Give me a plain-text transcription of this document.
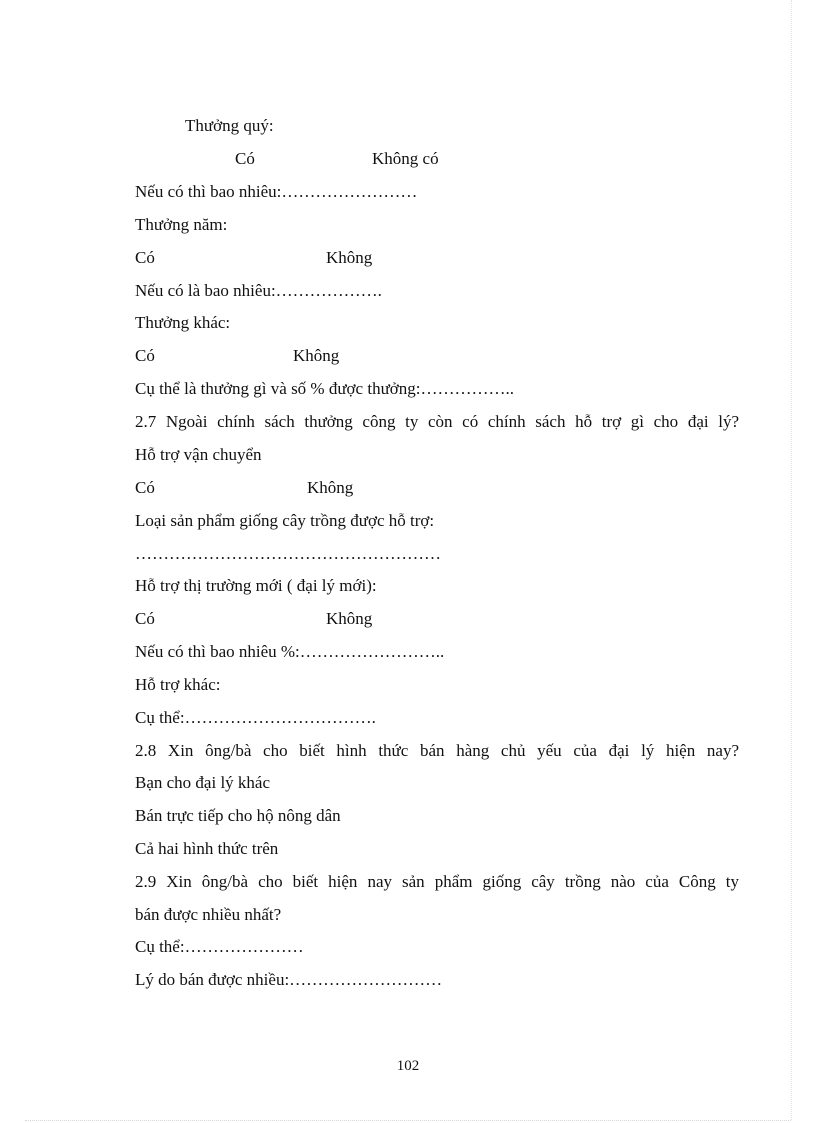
Thưởng quý:
Có	Không có
Nếu có thì bao nhiêu:……………………
Thưởng năm:
Có	Không
Nếu có là bao nhiêu:……………….
Thưởng khác:
Có	Không
Cụ thể là thưởng gì và số % được thưởng:……………..
2.7 Ngoài chính sách thưởng công ty còn có chính sách hỗ trợ gì cho đại lý?
Hỗ trợ vận chuyển
Có	Không
Loại sản phẩm giống cây trồng được hỗ trợ:
………………………………………………
Hỗ trợ thị trường mới ( đại lý mới):
Có	Không
Nếu có thì bao nhiêu %:……………………..
Hỗ trợ khác:
Cụ thể:…………………………….
2.8 Xin ông/bà cho biết hình thức bán hàng chủ yếu của đại lý hiện nay?
Bạn cho đại lý khác
Bán trực tiếp cho hộ nông dân
Cả hai hình thức trên
2.9 Xin ông/bà cho biết hiện nay sản phẩm giống cây trồng nào của Công ty
bán được nhiều nhất?
Cụ thể:…………………
Lý do bán được nhiều:………………………
102
